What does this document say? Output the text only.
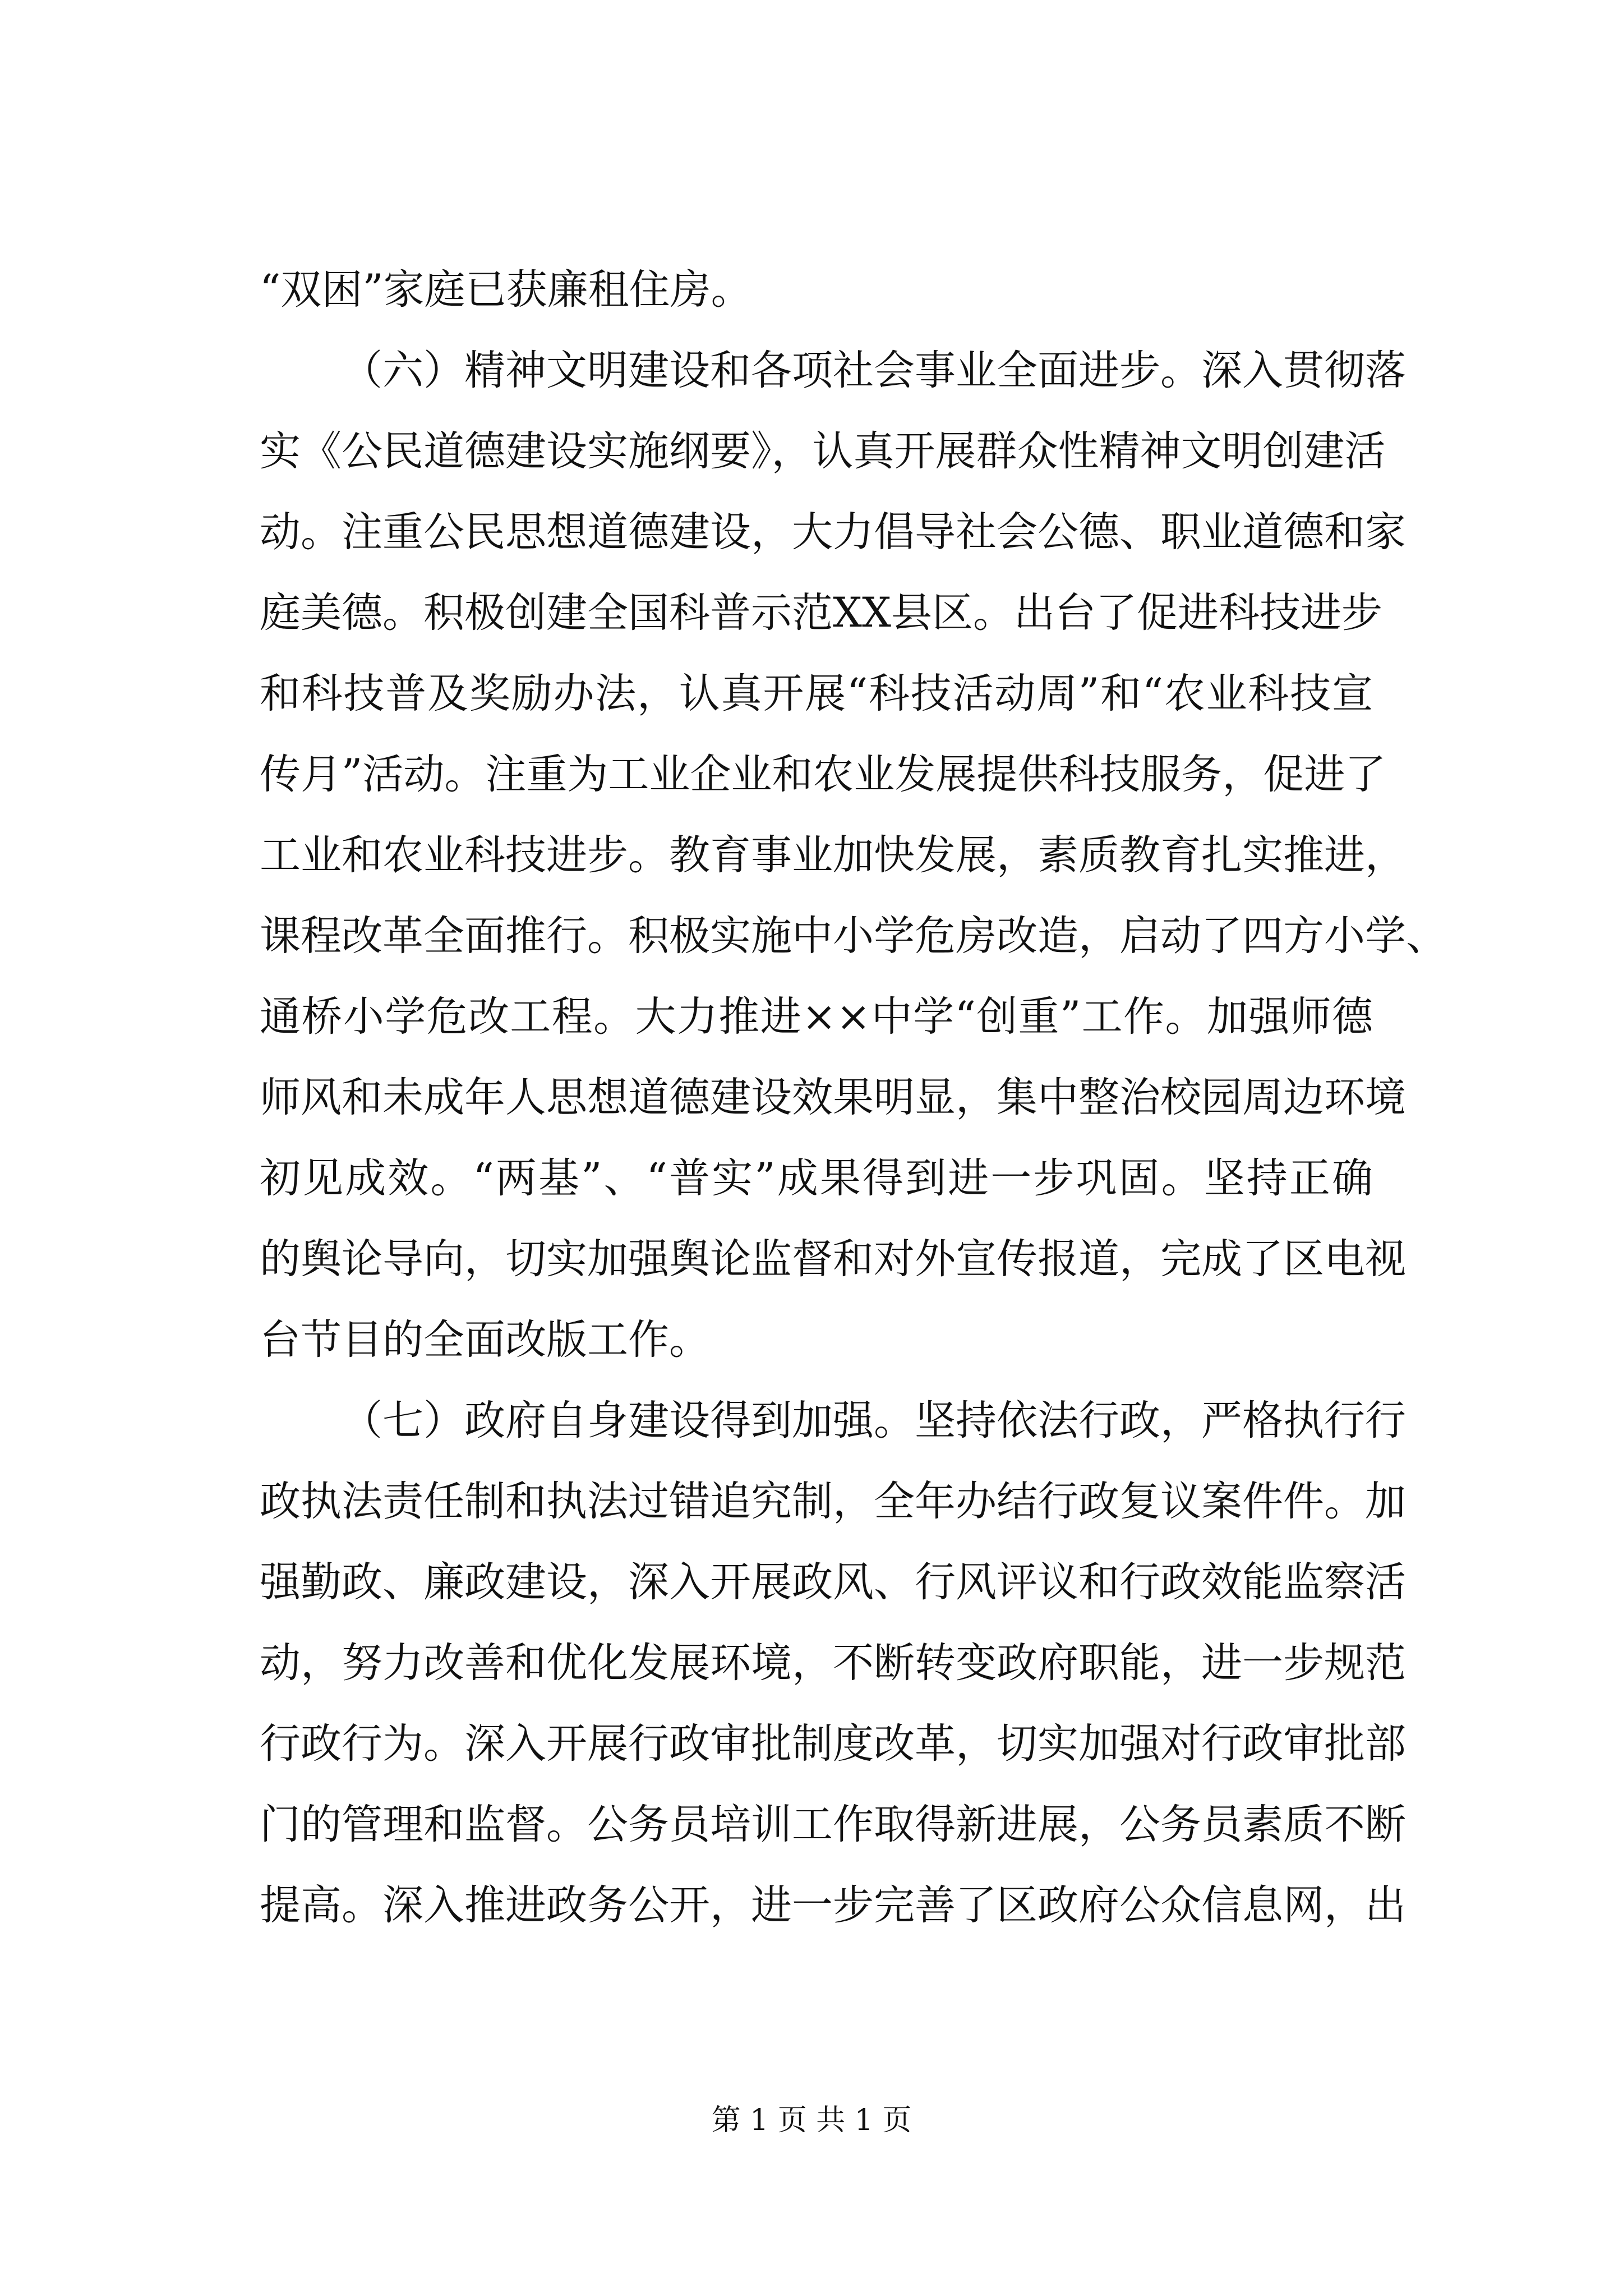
“双困”家庭已获廉租住房。
（六）精神文明建设和各项社会事业全面进步。深入贯彻落
实《公民道德建设实施纲要》，认真开展群众性精神文明创建活
动。注重公民思想道德建设，大力倡导社会公德、职业道德和家
庭美德。积极创建全国科普示范XX县区。出台了促进科技进步
和科技普及奖励办法，认真开展“科技活动周”和“农业科技宣
传月”活动。注重为工业企业和农业发展提供科技服务，促进了
工业和农业科技进步。教育事业加快发展，素质教育扎实推进，
课程改革全面推行。积极实施中小学危房改造，启动了四方小学、
通桥小学危改工程。大力推进××中学“创重”工作。加强师德
师风和未成年人思想道德建设效果明显，集中整治校园周边环境
初见成效。“两基”、“普实”成果得到进一步巩固。坚持正确
的舆论导向，切实加强舆论监督和对外宣传报道，完成了区电视
台节目的全面改版工作。
（七）政府自身建设得到加强。坚持依法行政，严格执行行
政执法责任制和执法过错追究制，全年办结行政复议案件件。加
强勤政、廉政建设，深入开展政风、行风评议和行政效能监察活
动，努力改善和优化发展环境，不断转变政府职能，进一步规范
行政行为。深入开展行政审批制度改革，切实加强对行政审批部
门的管理和监督。公务员培训工作取得新进展，公务员素质不断
提高。深入推进政务公开，进一步完善了区政府公众信息网，出
第 1 页 共 1 页
